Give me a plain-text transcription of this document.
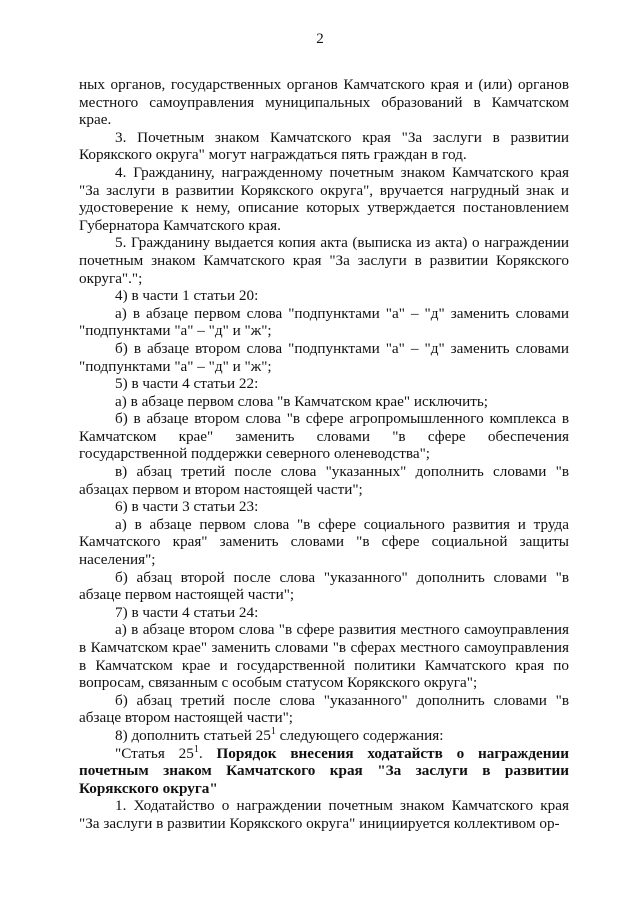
2

ных органов, государственных органов Камчатского края и (или) органов местного самоуправления муниципальных образований в Камчатском крае.

3. Почетным знаком Камчатского края "За заслуги в развитии Корякского округа" могут награждаться пять граждан в год.

4. Гражданину, награжденному почетным знаком Камчатского края "За заслуги в развитии Корякского округа", вручается нагрудный знак и удостоверение к нему, описание которых утверждается постановлением Губернатора Камчатского края.

5. Гражданину выдается копия акта (выписка из акта) о награждении почетным знаком Камчатского края "За заслуги в развитии Корякского округа".";

4) в части 1 статьи 20:

а) в абзаце первом слова "подпунктами "а" – "д" заменить словами "подпунктами "а" – "д" и "ж";

б) в абзаце втором слова "подпунктами "а" – "д" заменить словами "подпунктами "а" – "д" и "ж";

5) в части 4 статьи 22:

а) в абзаце первом слова "в Камчатском крае" исключить;

б) в абзаце втором слова "в сфере агропромышленного комплекса в Камчатском крае" заменить словами "в сфере обеспечения государственной поддержки северного оленеводства";

в) абзац третий после слова "указанных" дополнить словами "в абзацах первом и втором настоящей части";

6) в части 3 статьи 23:

а) в абзаце первом слова "в сфере социального развития и труда Камчатского края" заменить словами "в сфере социальной защиты населения";

б) абзац второй после слова "указанного" дополнить словами "в абзаце первом настоящей части";

7) в части 4 статьи 24:

а) в абзаце втором слова "в сфере развития местного самоуправления в Камчатском крае" заменить словами "в сферах местного самоуправления в Камчатском крае и государственной политики Камчатского края по вопросам, связанным с особым статусом Корякского округа";

б) абзац третий после слова "указанного" дополнить словами "в абзаце втором настоящей части";

8) дополнить статьей $25^1$ следующего содержания:

"Статья $25^1$. Порядок внесения ходатайств о награждении почетным знаком Камчатского края "За заслуги в развитии Корякского округа"

1. Ходатайство о награждении почетным знаком Камчатского края "За заслуги в развитии Корякского округа" инициируется коллективом ор-
